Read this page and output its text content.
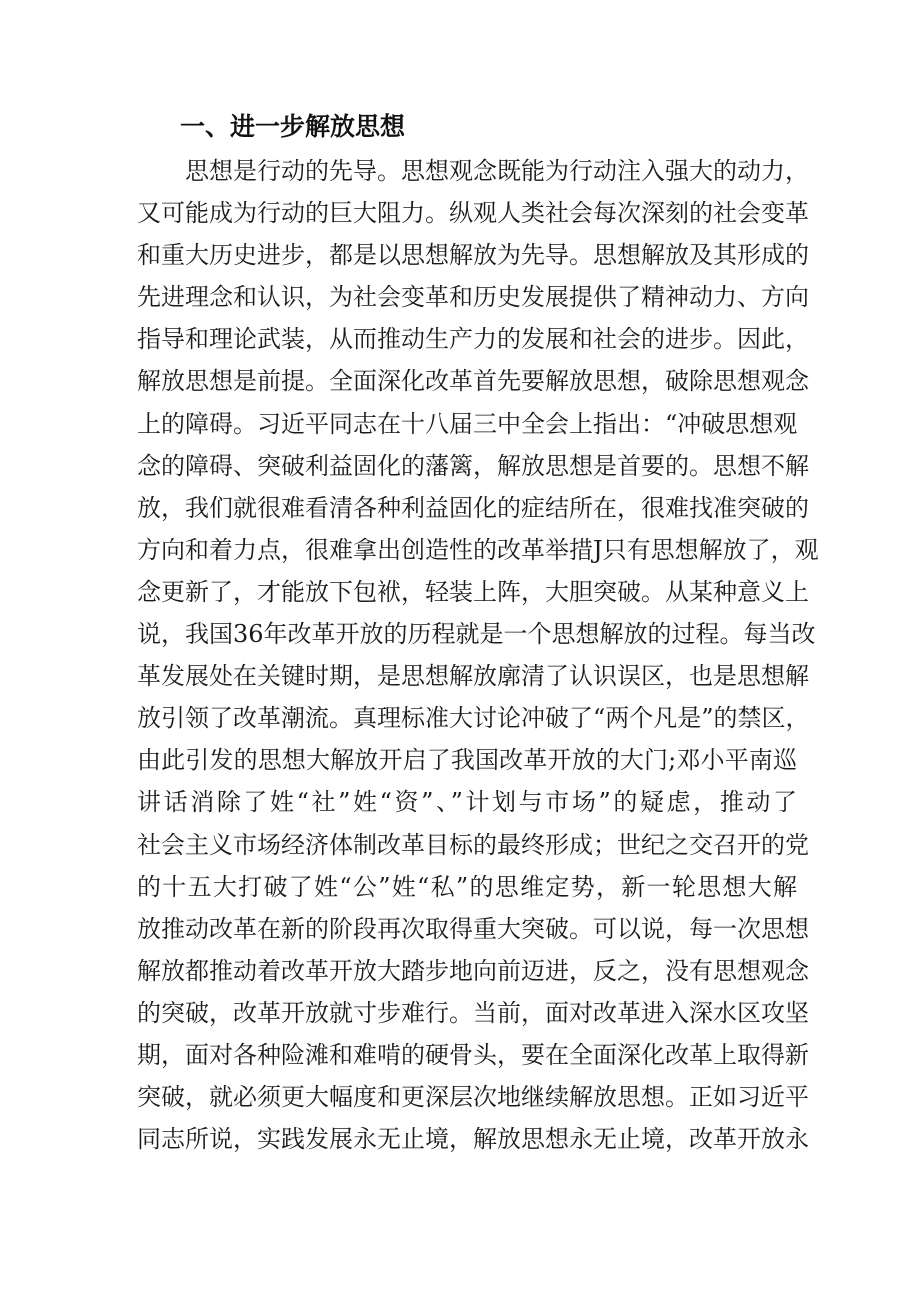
一、进一步解放思想
思想是行动的先导。思想观念既能为行动注入强大的动力，
又可能成为行动的巨大阻力。纵观人类社会每次深刻的社会变革
和重大历史进步，都是以思想解放为先导。思想解放及其形成的
先进理念和认识，为社会变革和历史发展提供了精神动力、方向
指导和理论武装，从而推动生产力的发展和社会的进步。因此，
解放思想是前提。全面深化改革首先要解放思想，破除思想观念
上的障碍。习近平同志在十八届三中全会上指出：“冲破思想观
念的障碍、突破利益固化的藩篱，解放思想是首要的。思想不解
放，我们就很难看清各种利益固化的症结所在，很难找准突破的
方向和着力点，很难拿出创造性的改革举措J只有思想解放了，观
念更新了，才能放下包袱，轻装上阵，大胆突破。从某种意义上
说，我国36年改革开放的历程就是一个思想解放的过程。每当改
革发展处在关键时期，是思想解放廓清了认识误区，也是思想解
放引领了改革潮流。真理标准大讨论冲破了“两个凡是”的禁区，
由此引发的思想大解放开启了我国改革开放的大门;邓小平南巡
讲话消除了姓“社”姓“资”、”计划与市场”的疑虑，推动了
社会主义市场经济体制改革目标的最终形成；世纪之交召开的党
的十五大打破了姓“公”姓“私”的思维定势，新一轮思想大解
放推动改革在新的阶段再次取得重大突破。可以说，每一次思想
解放都推动着改革开放大踏步地向前迈进，反之，没有思想观念
的突破，改革开放就寸步难行。当前，面对改革进入深水区攻坚
期，面对各种险滩和难啃的硬骨头，要在全面深化改革上取得新
突破，就必须更大幅度和更深层次地继续解放思想。正如习近平
同志所说，实践发展永无止境，解放思想永无止境，改革开放永
